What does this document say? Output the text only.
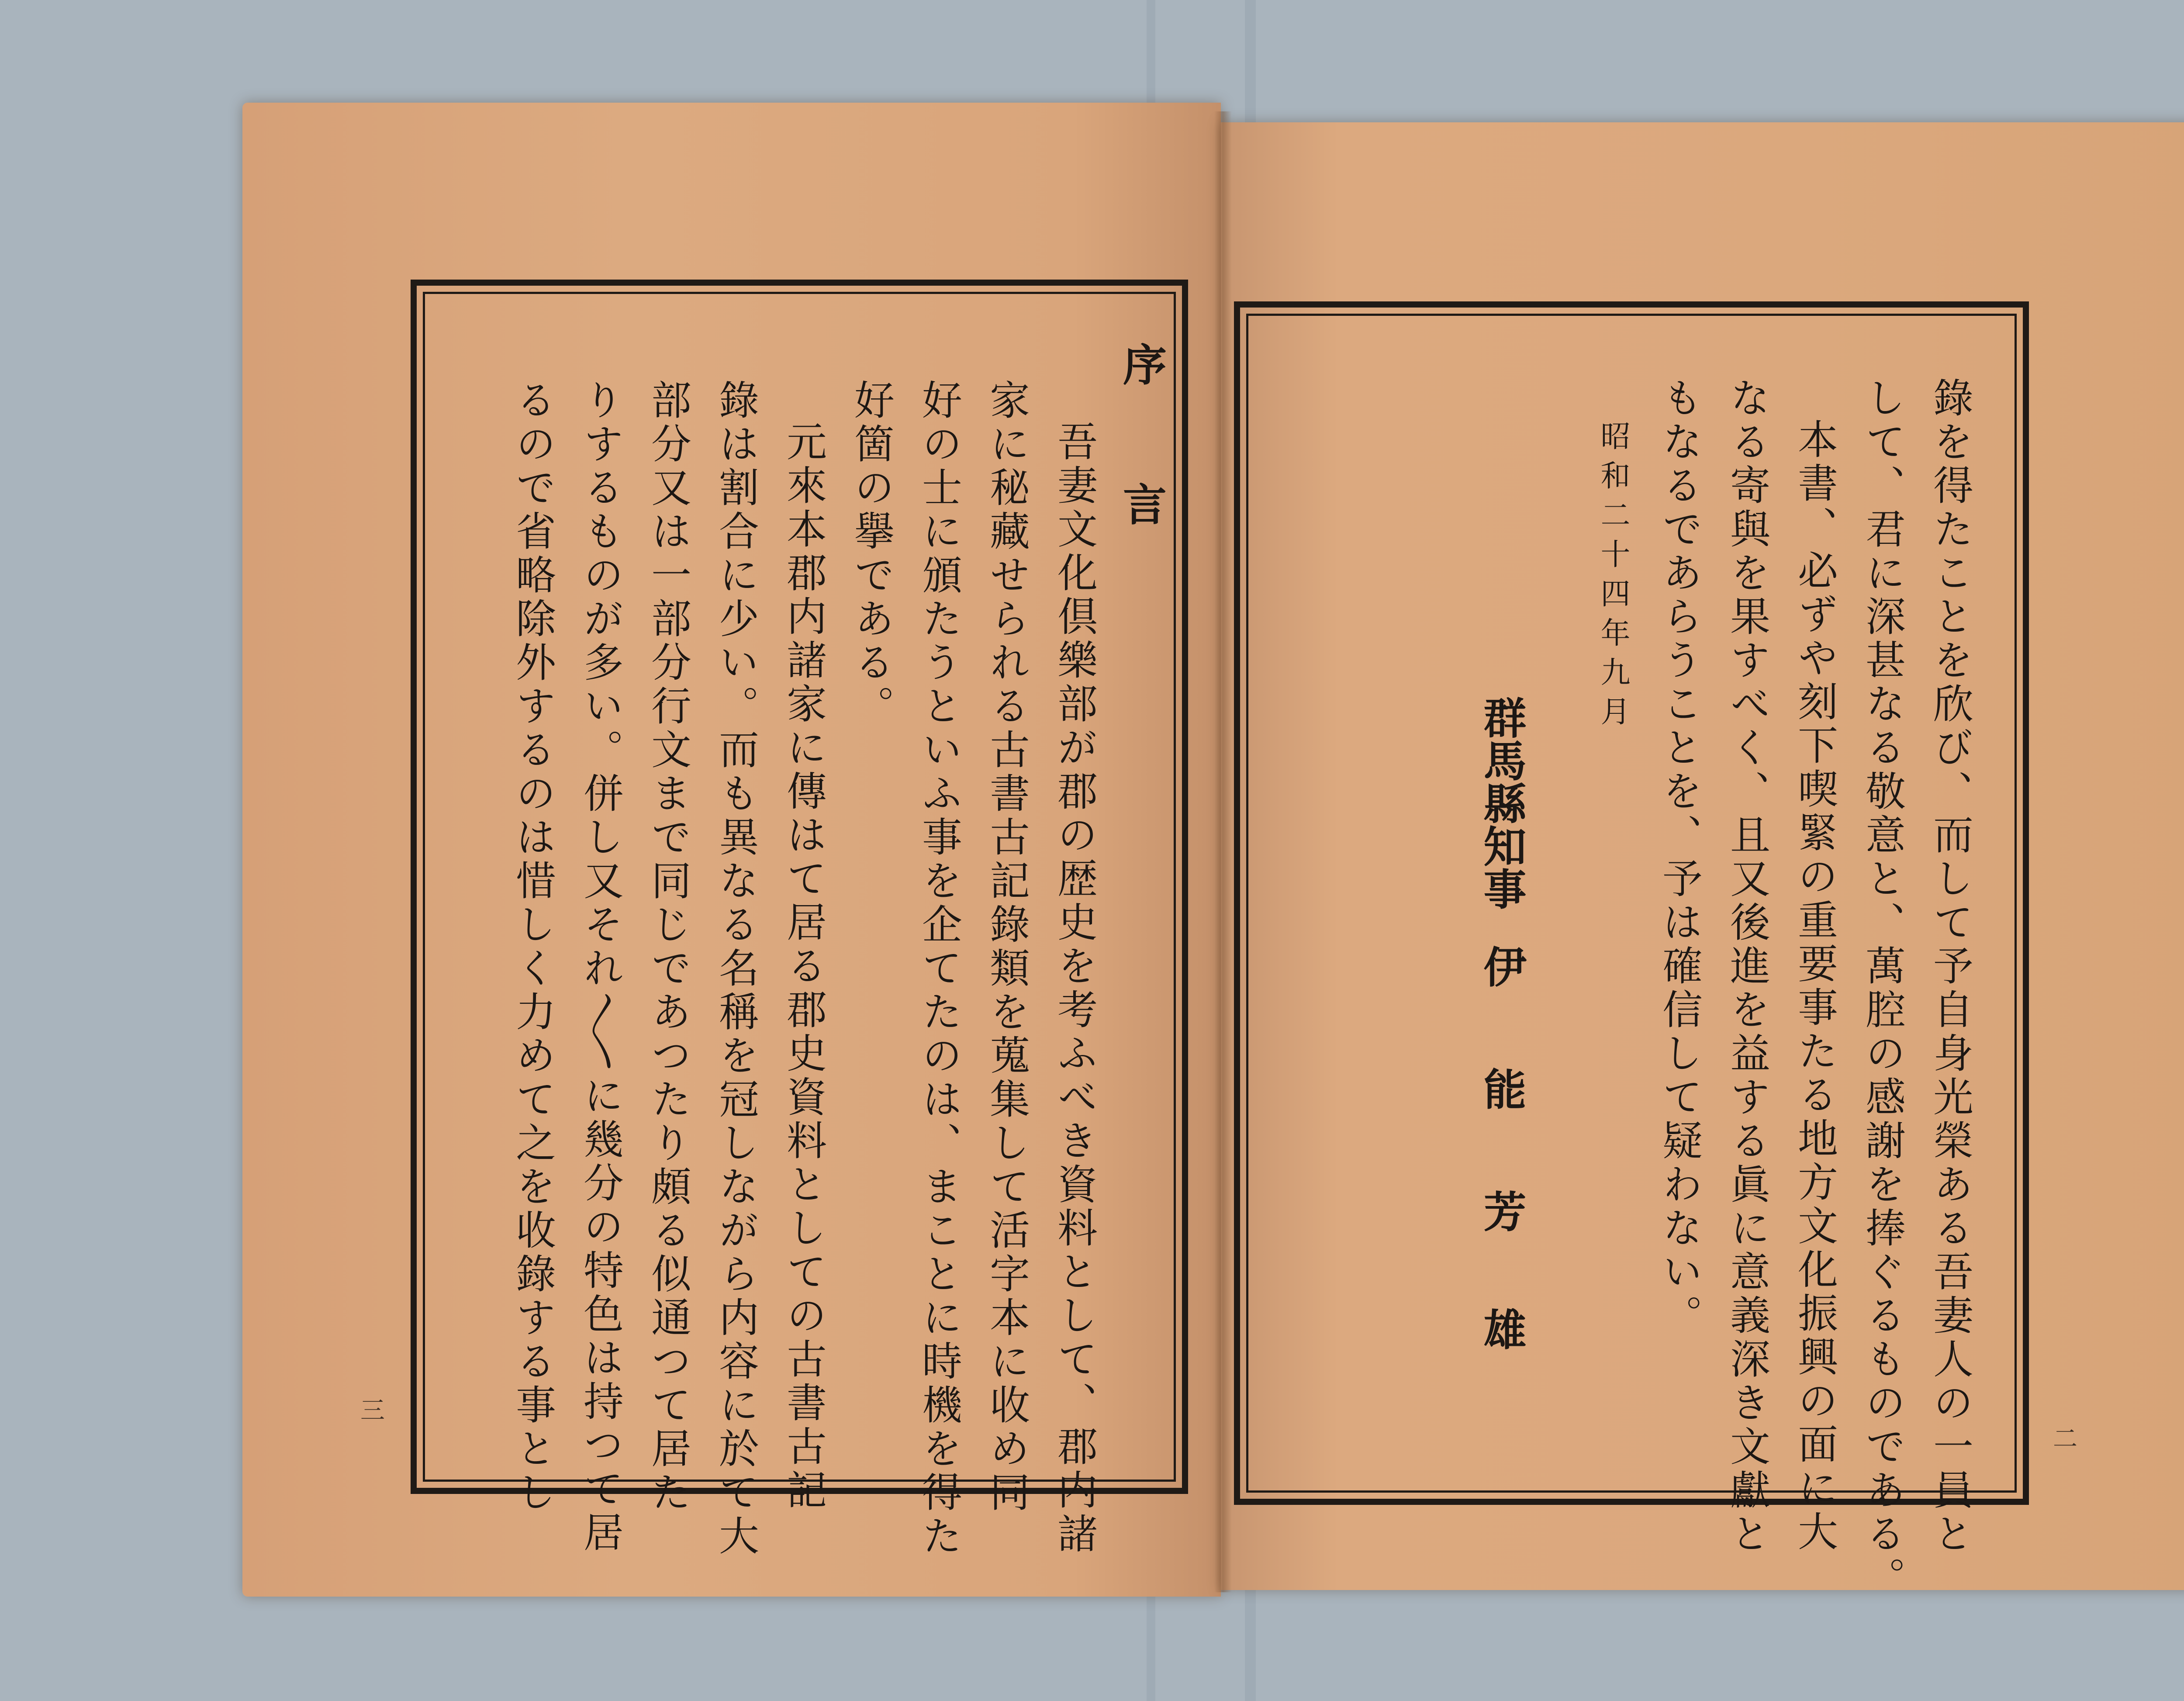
序
言
吾妻文化倶樂部が郡の歴史を考ふべき資料として、郡内諸
家に秘藏せられる古書古記錄類を蒐集して活字本に收め同
好の士に頒たうといふ事を企てたのは、まことに時機を得た
好箇の擧である。
元來本郡内諸家に傳はて居る郡史資料としての古書古記
錄は割合に少い。而も異なる名稱を冠しながら内容に於て大
部分又は一部分行文まで同じであつたり頗る似通つて居た
りするものが多い。併し又それ〳〵に幾分の特色は持つて居
るので省略除外するのは惜しく力めて之を收錄する事とし
三	錄を得たことを欣び、而して予自身光榮ある吾妻人の一員と
して、君に深甚なる敬意と、萬腔の感謝を捧ぐるものである。
本書、必ずや刻下喫緊の重要事たる地方文化振興の面に大
なる寄與を果すべく、且又後進を益する眞に意義深き文獻と
もなるであらうことを、予は確信して疑わない。
昭和二十四年九月
群馬縣知事
伊
能
芳
雄
二
